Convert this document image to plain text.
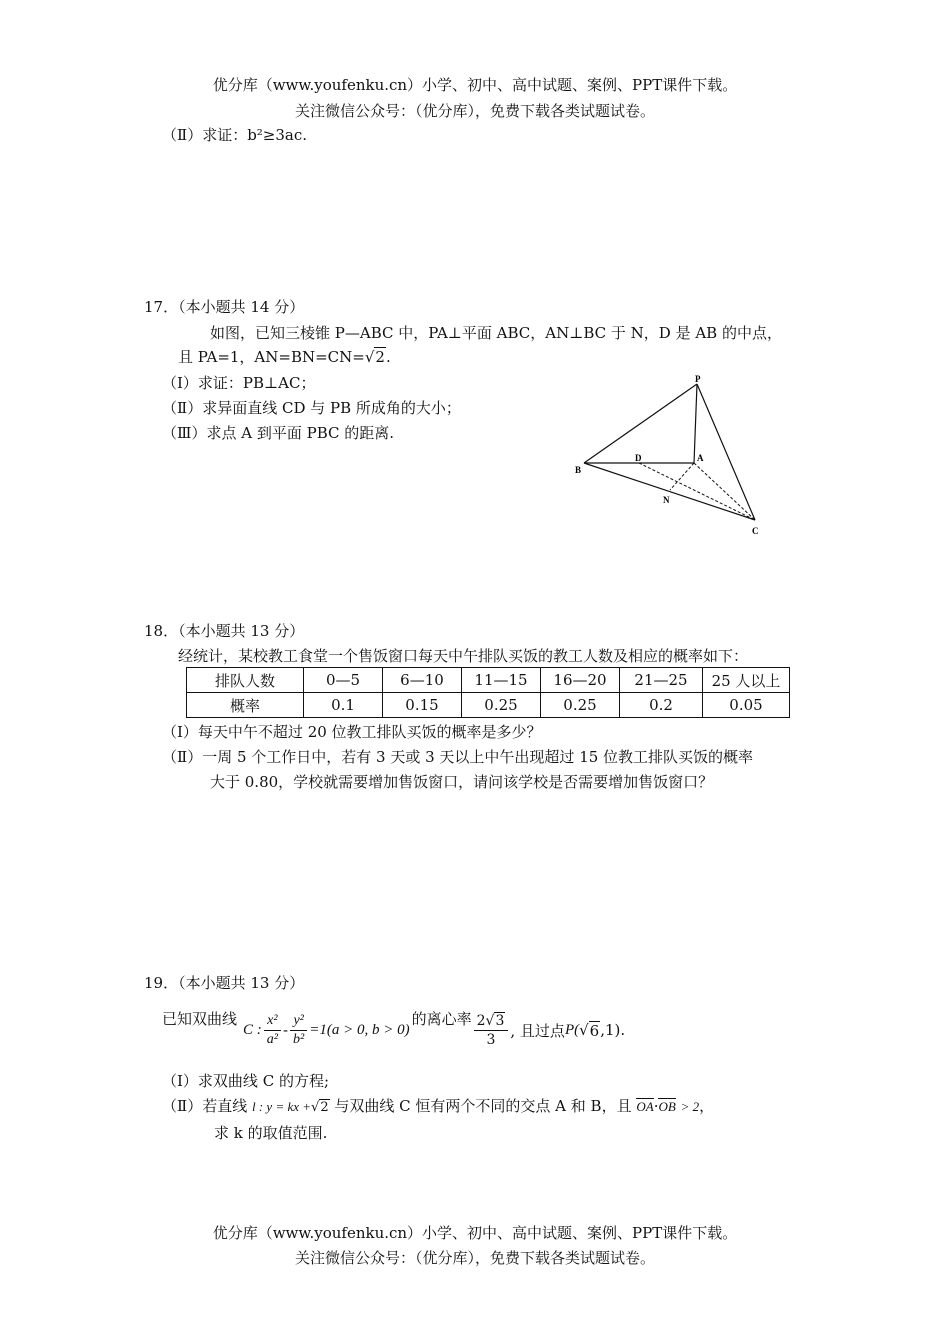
优分库（www.youfenku.cn）小学、初中、高中试题、案例、PPT课件下载。
关注微信公众号：（优分库），免费下载各类试题试卷。
（Ⅱ）求证：b²≥3ac.
17．（本小题共 14 分）
如图，已知三棱锥 P—ABC 中，PA⊥平面 ABC，AN⊥BC 于 N，D 是 AB 的中点，
且 PA=1，AN=BN=CN=√2.
（Ⅰ）求证：PB⊥AC；
（Ⅱ）求异面直线 CD 与 PB 所成角的大小；
（Ⅲ）求点 A 到平面 PBC 的距离.
P
A
B
C
D
N
18．（本小题共 13 分）
经统计，某校教工食堂一个售饭窗口每天中午排队买饭的教工人数及相应的概率如下：
排队人数	0—5	6—10	11—15	16—20	21—25	25 人以上
概率	0.1	0.15	0.25	0.25	0.2	0.05
（Ⅰ）每天中午不超过 20 位教工排队买饭的概率是多少？
（Ⅱ）一周 5 个工作日中，若有 3 天或 3 天以上中午出现超过 15 位教工排队买饭的概率
大于 0.80，学校就需要增加售饭窗口，请问该学校是否需要增加售饭窗口？
19．（本小题共 13 分）
已知双曲线
C : $\frac{\text{x²}}{\text{a²}} - \frac{\text{y²}}{\text{b²}} =1(a > 0$, b > 0)
的离心率 $\frac{2√3}{3}$ , 且过点 P( √ 6 ,1).
（Ⅰ）求双曲线 C 的方程;
（Ⅱ）若直线 l : y = kx +√2 与双曲线 C 恒有两个不同的交点 A 和 B，且 OA·OB > 2，
求 k 的取值范围.
优分库（www.youfenku.cn）小学、初中、高中试题、案例、PPT课件下载。
关注微信公众号：（优分库），免费下载各类试题试卷。
